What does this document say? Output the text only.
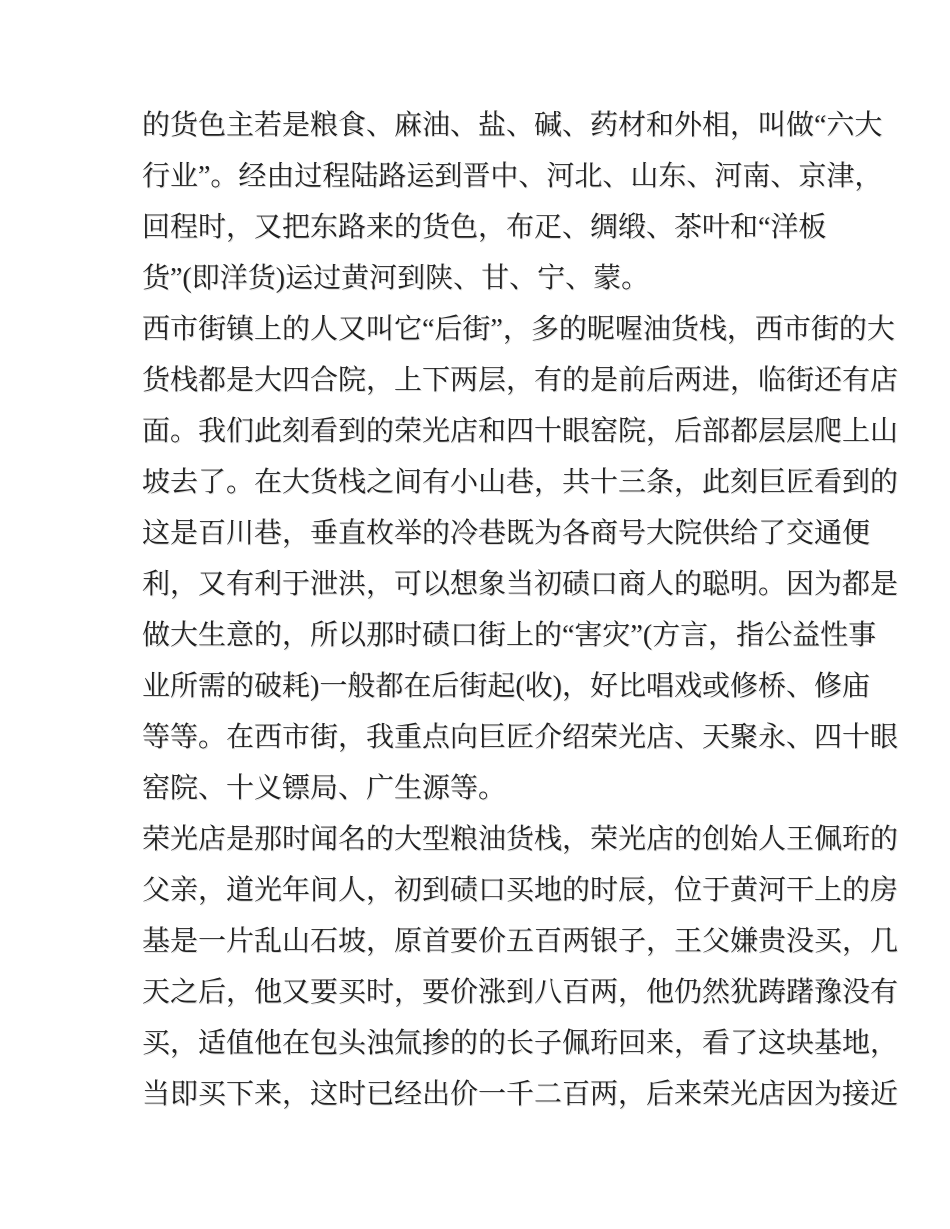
的货色主若是粮食、麻油、盐、碱、药材和外相，叫做“六大
行业”。经由过程陆路运到晋中、河北、山东、河南、京津，
回程时，又把东路来的货色，布疋、绸缎、茶叶和“洋板
货”(即洋货)运过黄河到陕、甘、宁、蒙。
西市街镇上的人又叫它“后街”，多的昵喔油货栈，西市街的大
货栈都是大四合院，上下两层，有的是前后两进，临街还有店
面。我们此刻看到的荣光店和四十眼窑院，后部都层层爬上山
坡去了。在大货栈之间有小山巷，共十三条，此刻巨匠看到的
这是百川巷，垂直枚举的冷巷既为各商号大院供给了交通便
利，又有利于泄洪，可以想象当初碛口商人的聪明。因为都是
做大生意的，所以那时碛口街上的“害灾”(方言，指公益性事
业所需的破耗)一般都在后街起(收)，好比唱戏或修桥、修庙
等等。在西市街，我重点向巨匠介绍荣光店、天聚永、四十眼
窑院、十义镖局、广生源等。
荣光店是那时闻名的大型粮油货栈，荣光店的创始人王佩珩的
父亲，道光年间人，初到碛口买地的时辰，位于黄河干上的房
基是一片乱山石坡，原首要价五百两银子，王父嫌贵没买，几
天之后，他又要买时，要价涨到八百两，他仍然犹踌躇豫没有
买，适值他在包头浊氚掺的的长子佩珩回来，看了这块基地，
当即买下来，这时已经出价一千二百两，后来荣光店因为接近
